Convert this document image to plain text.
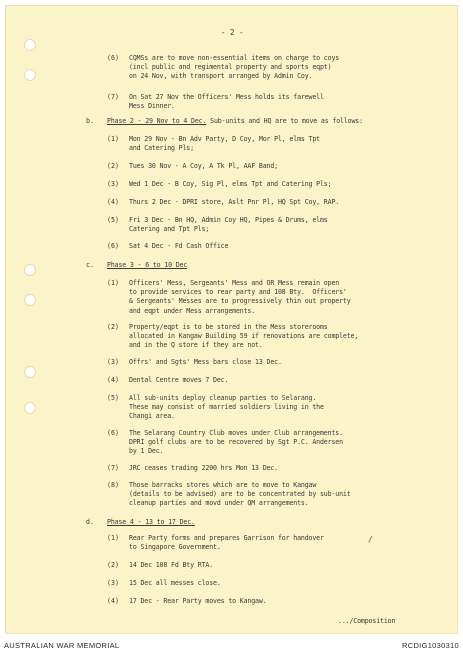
- 2 -
(6) CQMSs are to move non-essential items on charge to coys
(incl public and regimental property and sports eqpt)
on 24 Nov, with transport arranged by Admin Coy.

(7) On Sat 27 Nov the Officers' Mess holds its farewell
Mess Dinner.

b. Phase 2 - 29 Nov to 4 Dec. Sub-units and HQ are to move as follows:

(1) Mon 29 Nov - Bn Adv Party, D Coy, Mor Pl, elms Tpt
and Catering Pls;

(2) Tues 30 Nov - A Coy, A Tk Pl, AAF Band;

(3) Wed 1 Dec - B Coy, Sig Pl, elms Tpt and Catering Pls;

(4) Thurs 2 Dec - DPRI store, Aslt Pnr Pl, HQ Spt Coy, RAP.

(5) Fri 3 Dec - Bn HQ, Admin Coy HQ, Pipes & Drums, elms
Catering and Tpt Pls;

(6) Sat 4 Dec - Fd Cash Office

c. Phase 3 - 6 to 10 Dec

(1) Officers' Mess, Sergeants' Mess and OR Mess remain open
to provide services to rear party and 108 Bty.  Officers'
& Sergeants' Messes are to progressively thin out property
and eqpt under Mess arrangements.

(2) Property/eqpt is to be stored in the Mess storerooms
allocated in Kangaw Building 59 if renovations are complete,
and in the Q store if they are not.

(3) Offrs' and Sgts' Mess bars close 13 Dec.

(4) Dental Centre moves 7 Dec.

(5) All sub-units deploy cleanup parties to Selarang.
These may consist of married soldiers living in the
Changi area.

(6) The Selarang Country Club moves under Club arrangements.
DPRI golf clubs are to be recovered by Sgt P.C. Andersen
by 1 Dec.

(7) JRC ceases trading 2200 hrs Mon 13 Dec.

(8) Those barracks stores which are to move to Kangaw
(details to be advised) are to be concentrated by sub-unit
cleanup parties and movd under QM arrangements.

d. Phase 4 - 13 to 17 Dec.

/
(1) Rear Party forms and prepares Garrison for handover
to Singapore Government.

(2) 14 Dec 108 Fd Bty RTA.

(3) 15 Dec all messes close.

(4) 17 Dec - Rear Party moves to Kangaw.

.../Composition

AUSTRALIAN WAR MEMORIAL	RCDIG1030310
